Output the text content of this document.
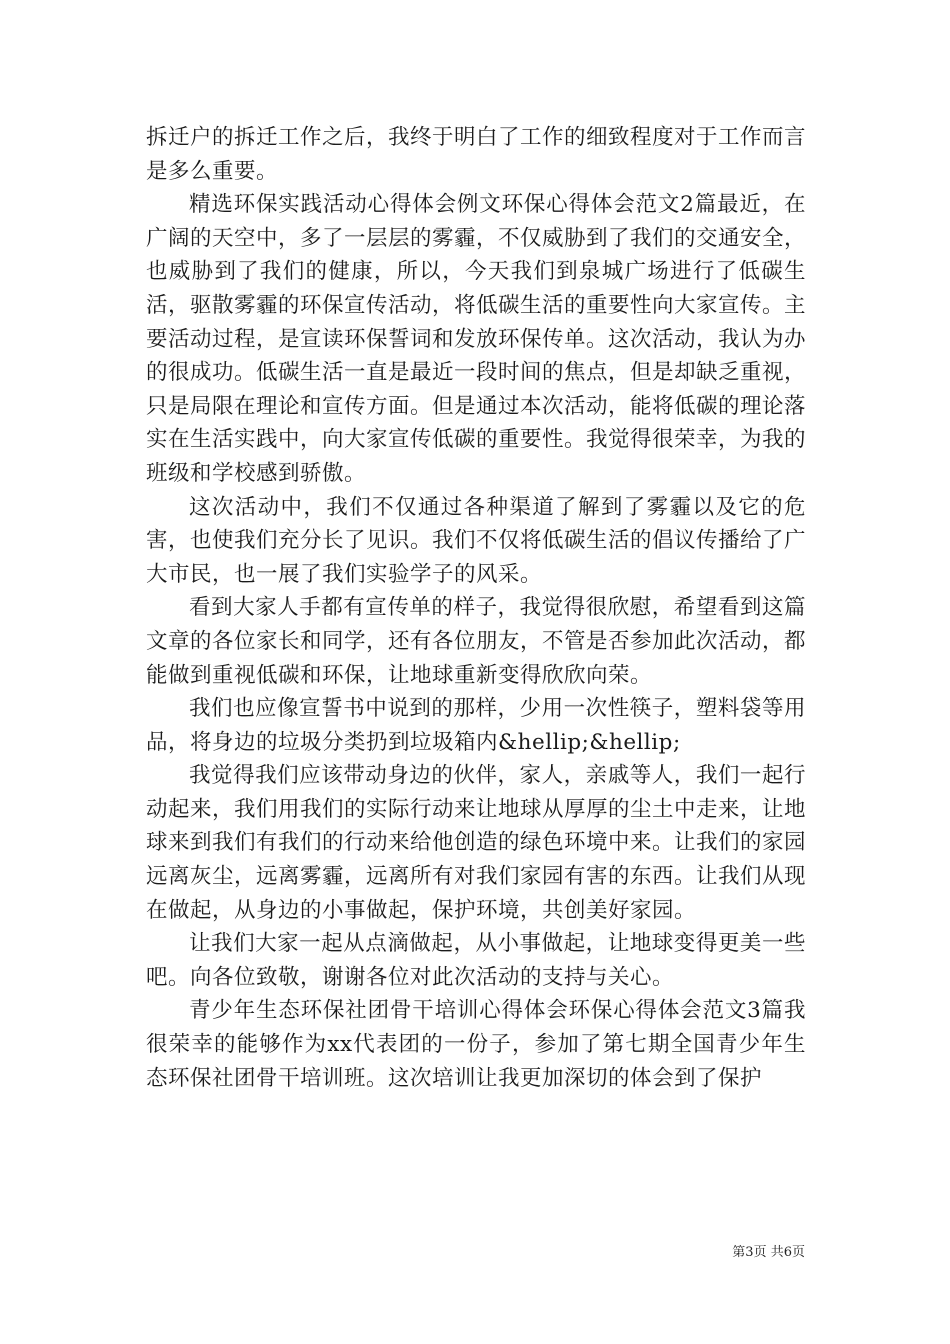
拆迁户的拆迁工作之后，我终于明白了工作的细致程度对于工作而言是多么重要。

精选环保实践活动心得体会例文环保心得体会范文2篇最近，在广阔的天空中，多了一层层的雾霾，不仅威胁到了我们的交通安全，也威胁到了我们的健康，所以，今天我们到泉城广场进行了低碳生活，驱散雾霾的环保宣传活动，将低碳生活的重要性向大家宣传。主要活动过程，是宣读环保誓词和发放环保传单。这次活动，我认为办的很成功。低碳生活一直是最近一段时间的焦点，但是却缺乏重视，只是局限在理论和宣传方面。但是通过本次活动，能将低碳的理论落实在生活实践中，向大家宣传低碳的重要性。我觉得很荣幸，为我的班级和学校感到骄傲。

这次活动中，我们不仅通过各种渠道了解到了雾霾以及它的危害，也使我们充分长了见识。我们不仅将低碳生活的倡议传播给了广大市民，也一展了我们实验学子的风采。

看到大家人手都有宣传单的样子，我觉得很欣慰，希望看到这篇文章的各位家长和同学，还有各位朋友，不管是否参加此次活动，都能做到重视低碳和环保，让地球重新变得欣欣向荣。

我们也应像宣誓书中说到的那样，少用一次性筷子，塑料袋等用品，将身边的垃圾分类扔到垃圾箱内&hellip;&hellip;

我觉得我们应该带动身边的伙伴，家人，亲戚等人，我们一起行动起来，我们用我们的实际行动来让地球从厚厚的尘土中走来，让地球来到我们有我们的行动来给他创造的绿色环境中来。让我们的家园远离灰尘，远离雾霾，远离所有对我们家园有害的东西。让我们从现在做起，从身边的小事做起，保护环境，共创美好家园。

让我们大家一起从点滴做起，从小事做起，让地球变得更美一些吧。向各位致敬，谢谢各位对此次活动的支持与关心。

青少年生态环保社团骨干培训心得体会环保心得体会范文3篇我很荣幸的能够作为xx代表团的一份子，参加了第七期全国青少年生态环保社团骨干培训班。这次培训让我更加深切的体会到了保护

第3页 共6页
